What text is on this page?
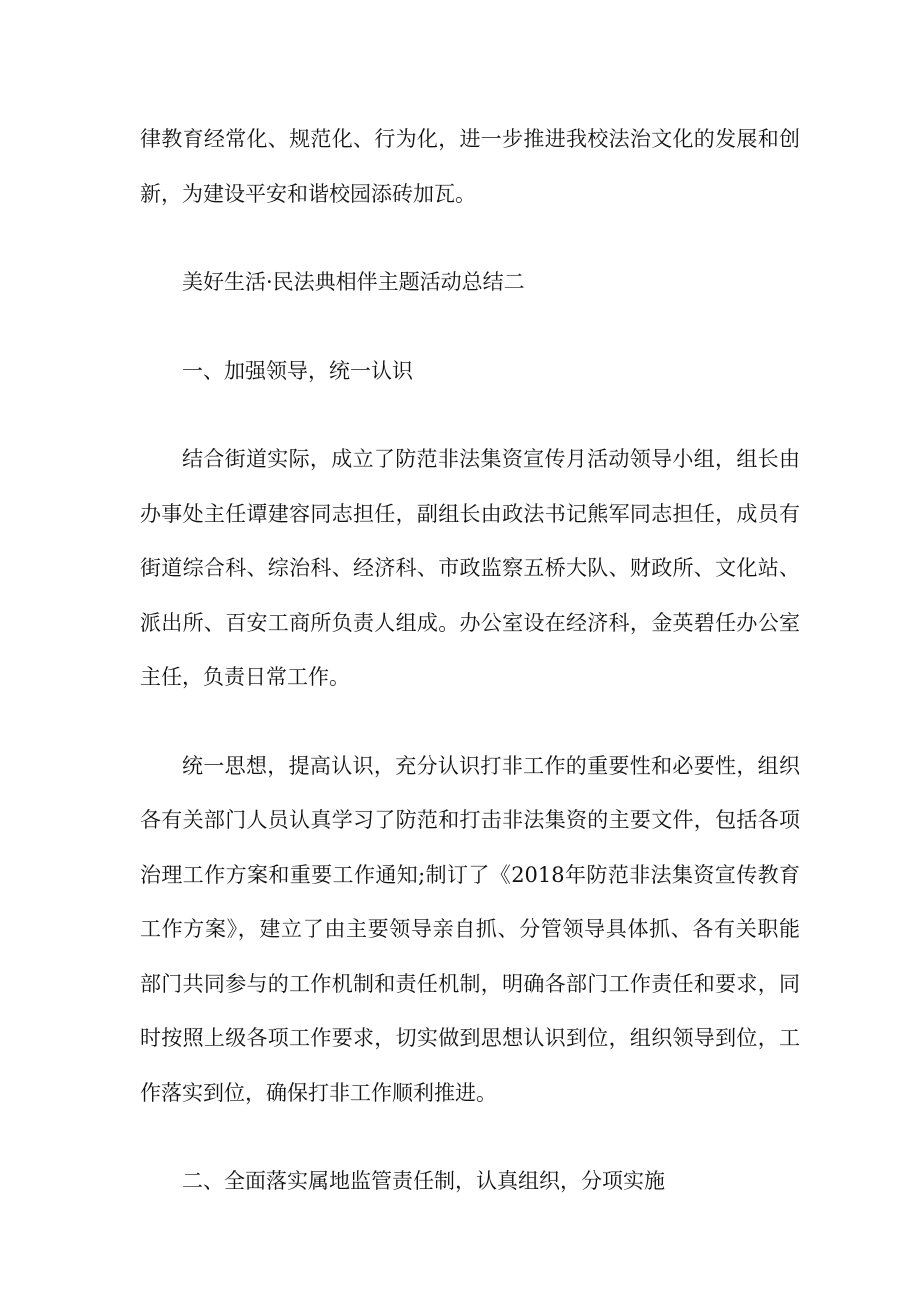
律教育经常化、规范化、行为化，进一步推进我校法治文化的发展和创新，为建设平安和谐校园添砖加瓦。

美好生活·民法典相伴主题活动总结二

一、加强领导，统一认识

结合街道实际，成立了防范非法集资宣传月活动领导小组，组长由办事处主任谭建容同志担任，副组长由政法书记熊军同志担任，成员有街道综合科、综治科、经济科、市政监察五桥大队、财政所、文化站、派出所、百安工商所负责人组成。办公室设在经济科，金英碧任办公室主任，负责日常工作。

统一思想，提高认识，充分认识打非工作的重要性和必要性，组织各有关部门人员认真学习了防范和打击非法集资的主要文件，包括各项治理工作方案和重要工作通知;制订了《2018年防范非法集资宣传教育工作方案》，建立了由主要领导亲自抓、分管领导具体抓、各有关职能部门共同参与的工作机制和责任机制，明确各部门工作责任和要求，同时按照上级各项工作要求，切实做到思想认识到位，组织领导到位，工作落实到位，确保打非工作顺利推进。

二、全面落实属地监管责任制，认真组织，分项实施
